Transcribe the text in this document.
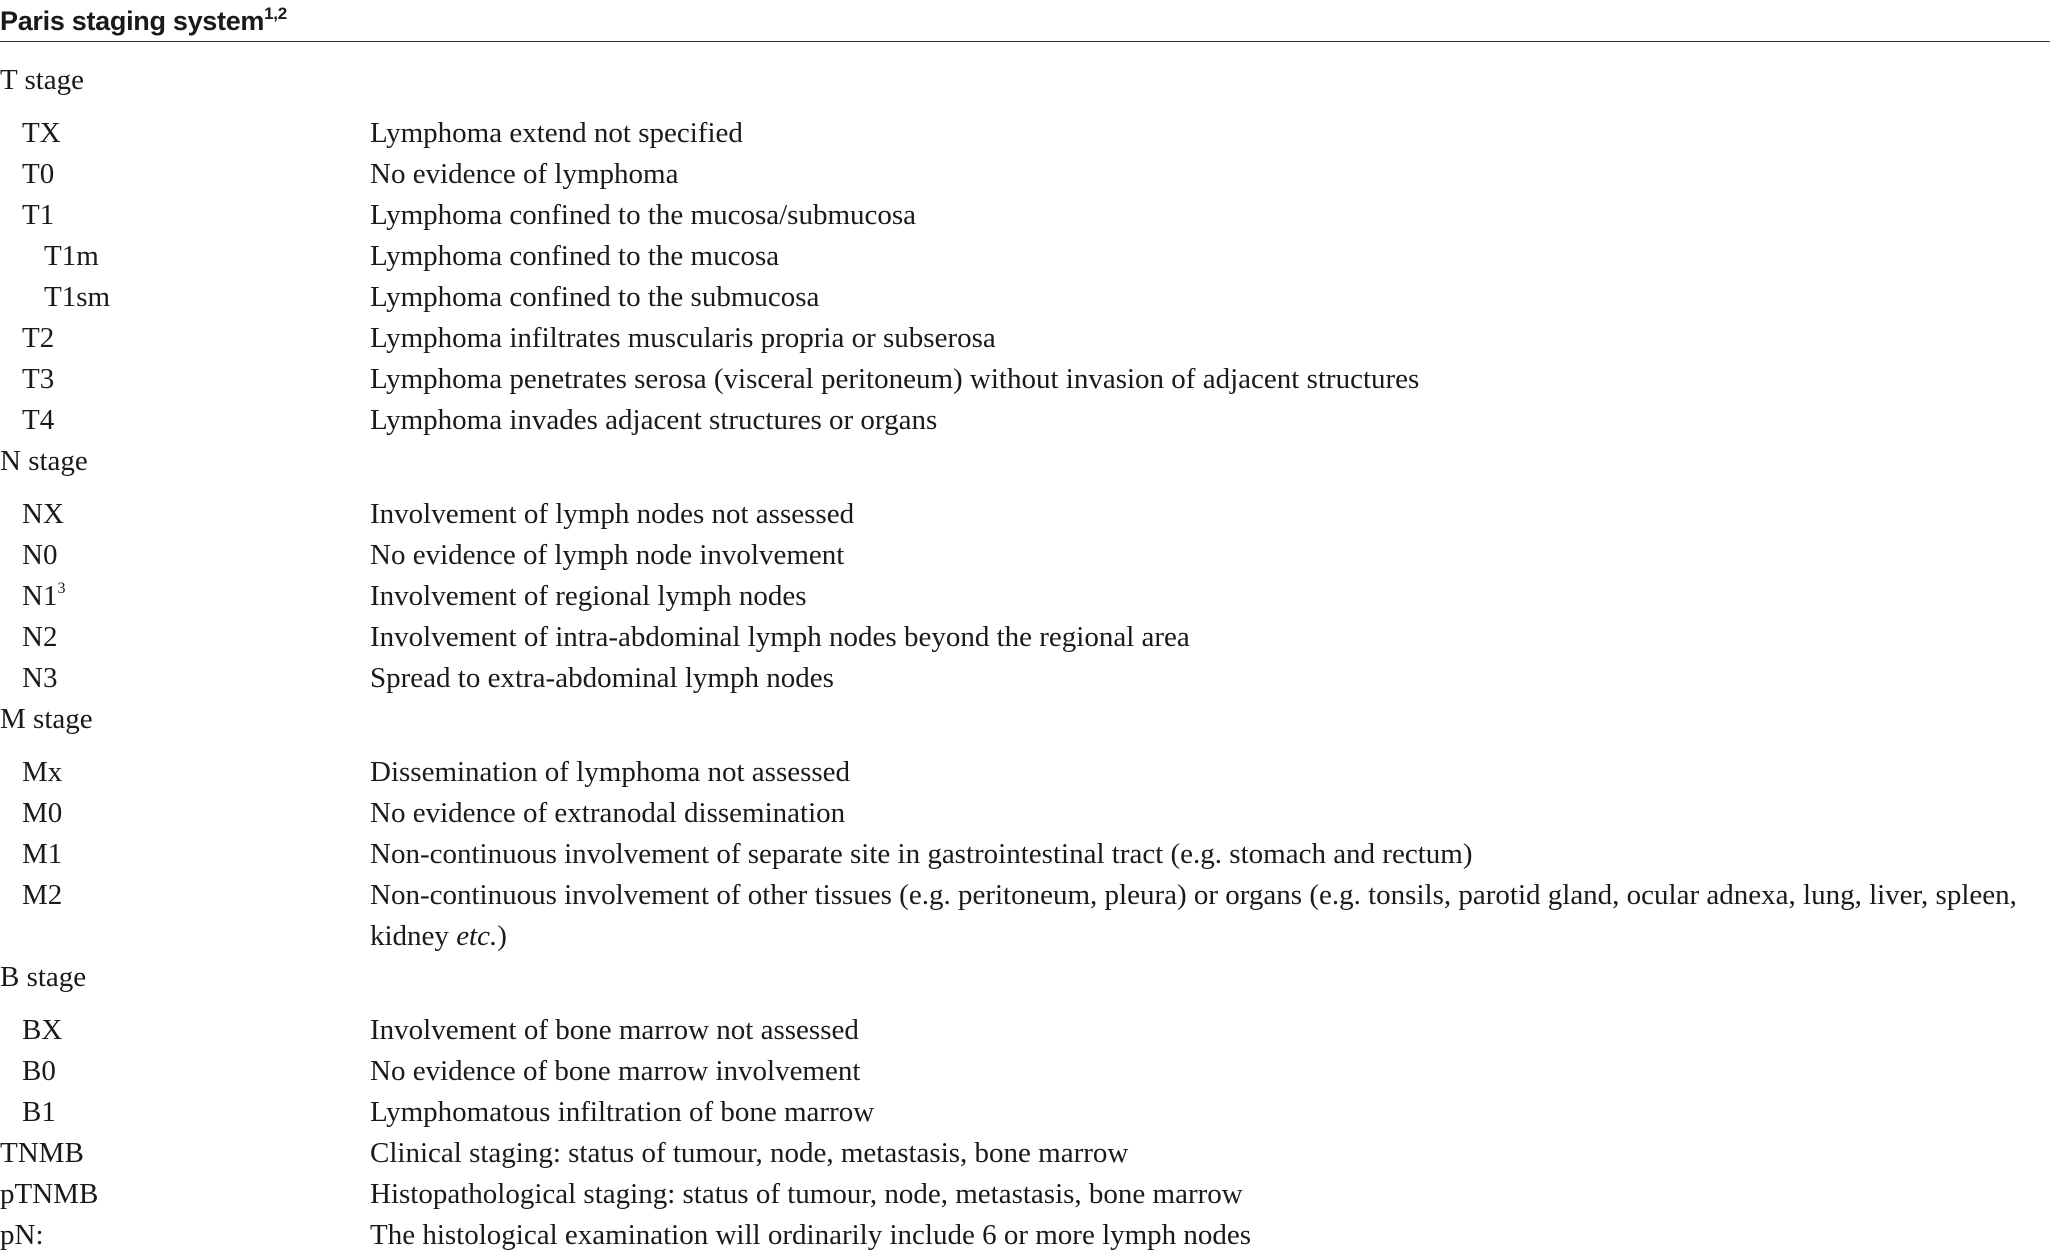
Paris staging system$^{1,2}$
T stage
TX	Lymphoma extend not specified
T0	No evidence of lymphoma
T1	Lymphoma confined to the mucosa/submucosa
T1m	Lymphoma confined to the mucosa
T1sm	Lymphoma confined to the submucosa
T2	Lymphoma infiltrates muscularis propria or subserosa
T3	Lymphoma penetrates serosa (visceral peritoneum) without invasion of adjacent structures
T4	Lymphoma invades adjacent structures or organs
N stage
NX	Involvement of lymph nodes not assessed
N0	No evidence of lymph node involvement
$N1^3$	Involvement of regional lymph nodes
N2	Involvement of intra-abdominal lymph nodes beyond the regional area
N3	Spread to extra-abdominal lymph nodes
M stage
Mx	Dissemination of lymphoma not assessed
M0	No evidence of extranodal dissemination
M1	Non-continuous involvement of separate site in gastrointestinal tract (e.g. stomach and rectum)
M2	Non-continuous involvement of other tissues (e.g. peritoneum, pleura) or organs (e.g. tonsils, parotid gland, ocular adnexa, lung, liver, spleen, kidney etc.)
B stage
BX	Involvement of bone marrow not assessed
B0	No evidence of bone marrow involvement
B1	Lymphomatous infiltration of bone marrow
TNMB	Clinical staging: status of tumour, node, metastasis, bone marrow
pTNMB	Histopathological staging: status of tumour, node, metastasis, bone marrow
pN:	The histological examination will ordinarily include 6 or more lymph nodes
